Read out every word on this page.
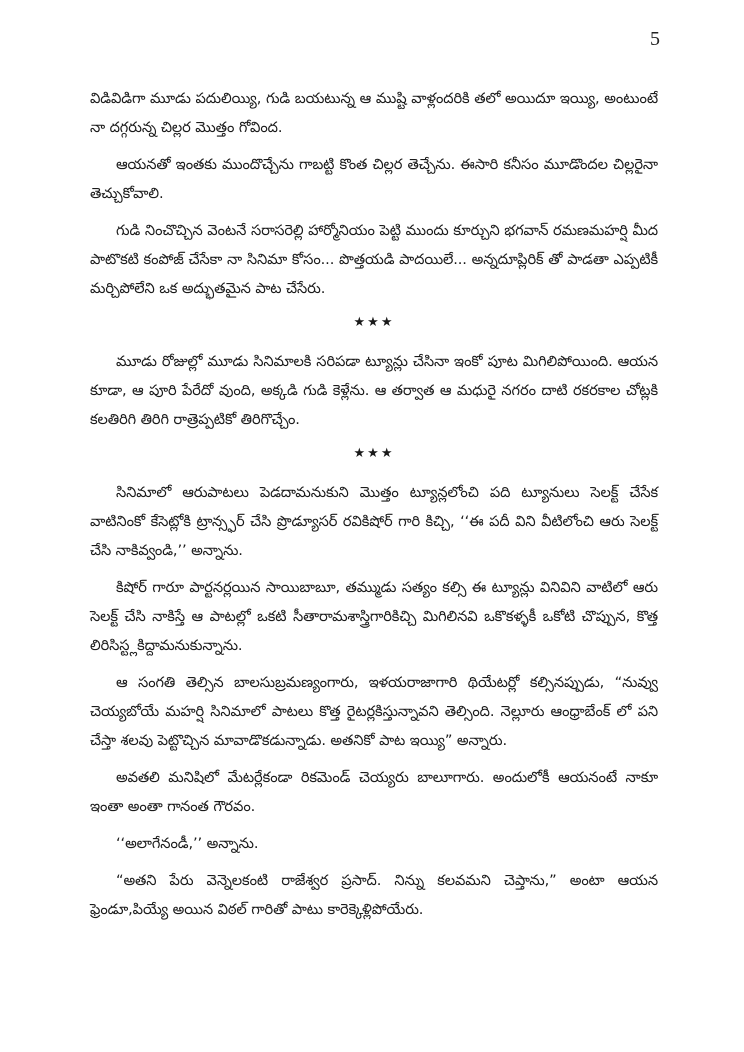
5

విడివిడిగా మూడు పదులియ్యి, గుడి బయటున్న ఆ ముష్టి వాళ్లందరికి తలో అయిదూ ఇయ్యి, అంటుంటే నా దగ్గరున్న చిల్లర మొత్తం గోవింద.

ఆయనతో ఇంతకు ముందొచ్చేను గాబట్టి కొంత చిల్లర తెచ్చేను. ఈసారి కనీసం మూడొందల చిల్లరైనా తెచ్చుకోవాలి.

గుడి నించొచ్చిన వెంటనే సరాసరెల్లి హార్మోనియం పెట్టి ముందు కూర్చుని భగవాన్ రమణమహర్షి మీద పాటొకటి కంపోజ్ చేసేకా నా సినిమా కోసం... పొత్తయడి పాదయిలే... అన్నదూప్లిరిక్ తో పాడతా ఎప్పటికీ మర్చిపోలేని ఒక అద్భుతమైన పాట చేసేరు.

★★★

మూడు రోజుల్లో మూడు సినిమాలకి సరిపడా ట్యూన్లు చేసినా ఇంకో పూట మిగిలిపోయింది. ఆయన కూడా, ఆ పూరి పేరేదో వుంది, అక్కడి గుడి కెళ్లేను. ఆ తర్వాత ఆ మధురై నగరం దాటి రకరకాల చోట్లకి కలతిరిగి తిరిగి రాత్రెప్పటికో తిరిగొచ్చేం.

★★★

సినిమాలో ఆరుపాటలు పెడదామనుకుని మొత్తం ట్యూన్లలోంచి పది ట్యూనులు సెలక్ట్ చేసేక వాటినింకో కేసెట్లోకి ట్రాన్స్ఫర్ చేసి ప్రొడ్యూసర్ రవికిషోర్ గారి కిచ్చి, ‘‘ఈ పదీ విని వీటిలోంచి ఆరు సెలక్ట్ చేసి నాకివ్వండి,’’ అన్నాను.

కిషోర్ గారూ పార్టనర్లయిన సాయిబాబూ, తమ్ముడు సత్యం కల్సి ఈ ట్యూన్లు వినివిని వాటిలో ఆరు సెలక్ట్ చేసి నాకిస్తే ఆ పాటల్లో ఒకటి సీతారామశాస్త్రిగారికిచ్చి మిగిలినవి ఒకొకళ్ళకీ ఒకోటి చొప్పున, కొత్త లిరిసిస్ట్లకిద్దామనుకున్నాను.

ఆ సంగతి తెల్సిన బాలసుబ్రమణ్యంగారు, ఇళయరాజాగారి థియేటర్లో కల్సినప్పుడు, “నువ్వు చెయ్యబోయే మహర్షి సినిమాలో పాటలు కొత్త రైటర్లకిస్తున్నావని తెల్సింది. నెల్లూరు ఆంధ్రాబేంక్ లో పని చేస్తా శలవు పెట్టొచ్చిన మావాడొకడున్నాడు. అతనికో పాట ఇయ్యి” అన్నారు.

అవతలి మనిషిలో మేటర్లేకండా రికమెండ్ చెయ్యరు బాలూగారు. అందులోకీ ఆయనంటే నాకూ ఇంతా అంతా గానంత గౌరవం.

‘‘అలాగేనండీ,’’ అన్నాను.

“అతని పేరు వెన్నెలకంటి రాజేశ్వర ప్రసాద్. నిన్ను కలవమని చెప్తాను,” అంటా ఆయన ఫ్రెండూ,పియ్యే అయిన విఠల్ గారితో పాటు కారెక్కెళ్లిపోయేరు.
